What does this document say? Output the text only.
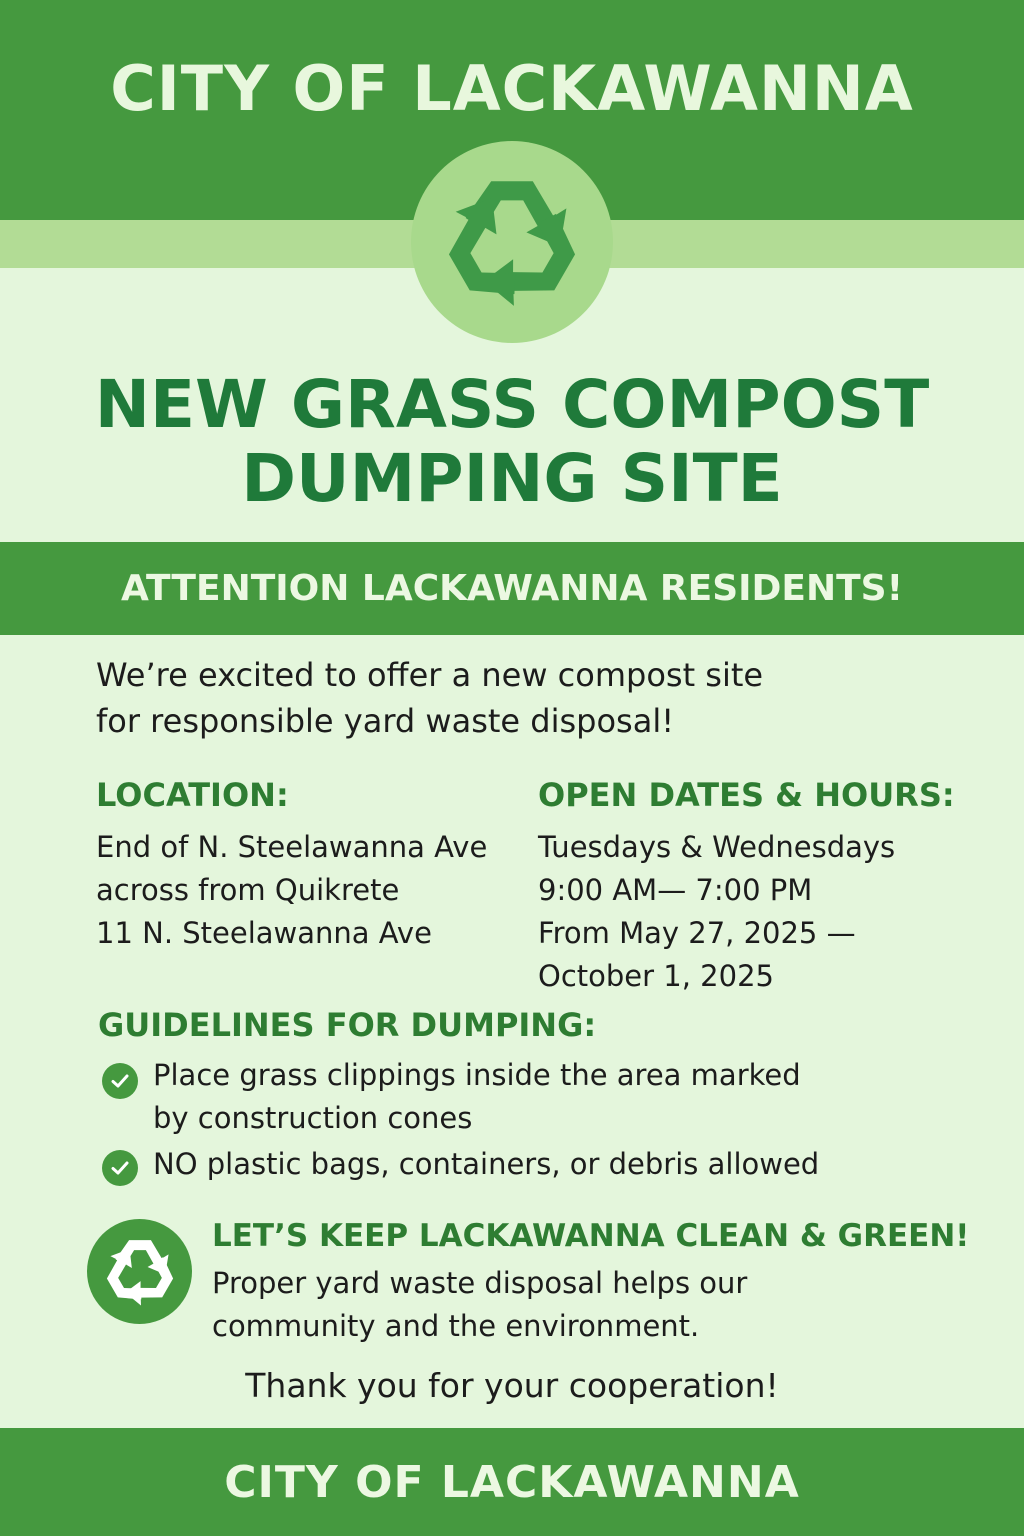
CITY OF LACKAWANNA
NEW GRASS COMPOST
DUMPING SITE
ATTENTION LACKAWANNA RESIDENTS!
We’re excited to offer a new compost site
for responsible yard waste disposal!
LOCATION:
End of N. Steelawanna Ave
across from Quikrete
11 N. Steelawanna Ave
OPEN DATES & HOURS:
Tuesdays & Wednesdays
9:00 AM— 7:00 PM
From May 27, 2025 —
October 1, 2025
GUIDELINES FOR DUMPING:
Place grass clippings inside the area marked
by construction cones
NO plastic bags, containers, or debris allowed
LET’S KEEP LACKAWANNA CLEAN & GREEN!
Proper yard waste disposal helps our
community and the environment.
Thank you for your cooperation!
CITY OF LACKAWANNA
